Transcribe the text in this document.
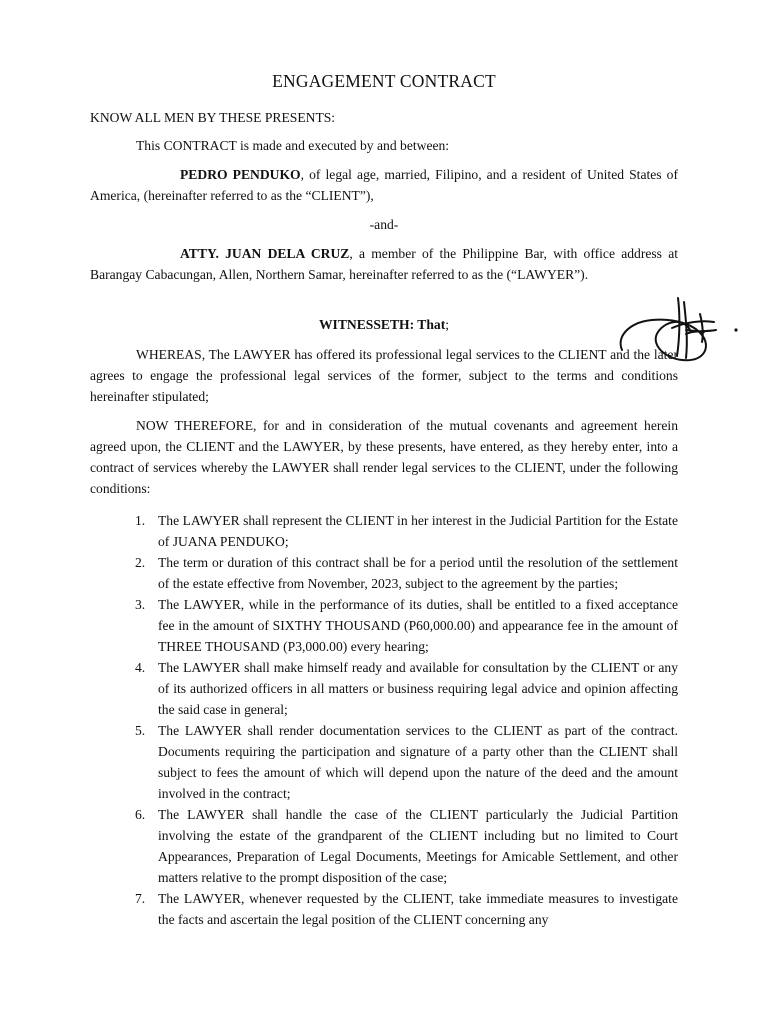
ENGAGEMENT CONTRACT

KNOW ALL MEN BY THESE PRESENTS:

This CONTRACT is made and executed by and between:

PEDRO PENDUKO, of legal age, married, Filipino, and a resident of United States of America, (hereinafter referred to as the “CLIENT”),

-and-

ATTY. JUAN DELA CRUZ, a member of the Philippine Bar, with office address at Barangay Cabacungan, Allen, Northern Samar, hereinafter referred to as the (“LAWYER”).

WITNESSETH: That;

WHEREAS, The LAWYER has offered its professional legal services to the CLIENT and the later agrees to engage the professional legal services of the former, subject to the terms and conditions hereinafter stipulated;

NOW THEREFORE, for and in consideration of the mutual covenants and agreement herein agreed upon, the CLIENT and the LAWYER, by these presents, have entered, as they hereby enter, into a contract of services whereby the LAWYER shall render legal services to the CLIENT, under the following conditions:

1. The LAWYER shall represent the CLIENT in her interest in the Judicial Partition for the Estate of JUANA PENDUKO;
2. The term or duration of this contract shall be for a period until the resolution of the settlement of the estate effective from November, 2023, subject to the agreement by the parties;
3. The LAWYER, while in the performance of its duties, shall be entitled to a fixed acceptance fee in the amount of SIXTHY THOUSAND (P60,000.00) and appearance fee in the amount of THREE THOUSAND (P3,000.00) every hearing;
4. The LAWYER shall make himself ready and available for consultation by the CLIENT or any of its authorized officers in all matters or business requiring legal advice and opinion affecting the said case in general;
5. The LAWYER shall render documentation services to the CLIENT as part of the contract. Documents requiring the participation and signature of a party other than the CLIENT shall subject to fees the amount of which will depend upon the nature of the deed and the amount involved in the contract;
6. The LAWYER shall handle the case of the CLIENT particularly the Judicial Partition involving the estate of the grandparent of the CLIENT including but no limited to Court Appearances, Preparation of Legal Documents, Meetings for Amicable Settlement, and other matters relative to the prompt disposition of the case;
7. The LAWYER, whenever requested by the CLIENT, take immediate measures to investigate the facts and ascertain the legal position of the CLIENT concerning any
